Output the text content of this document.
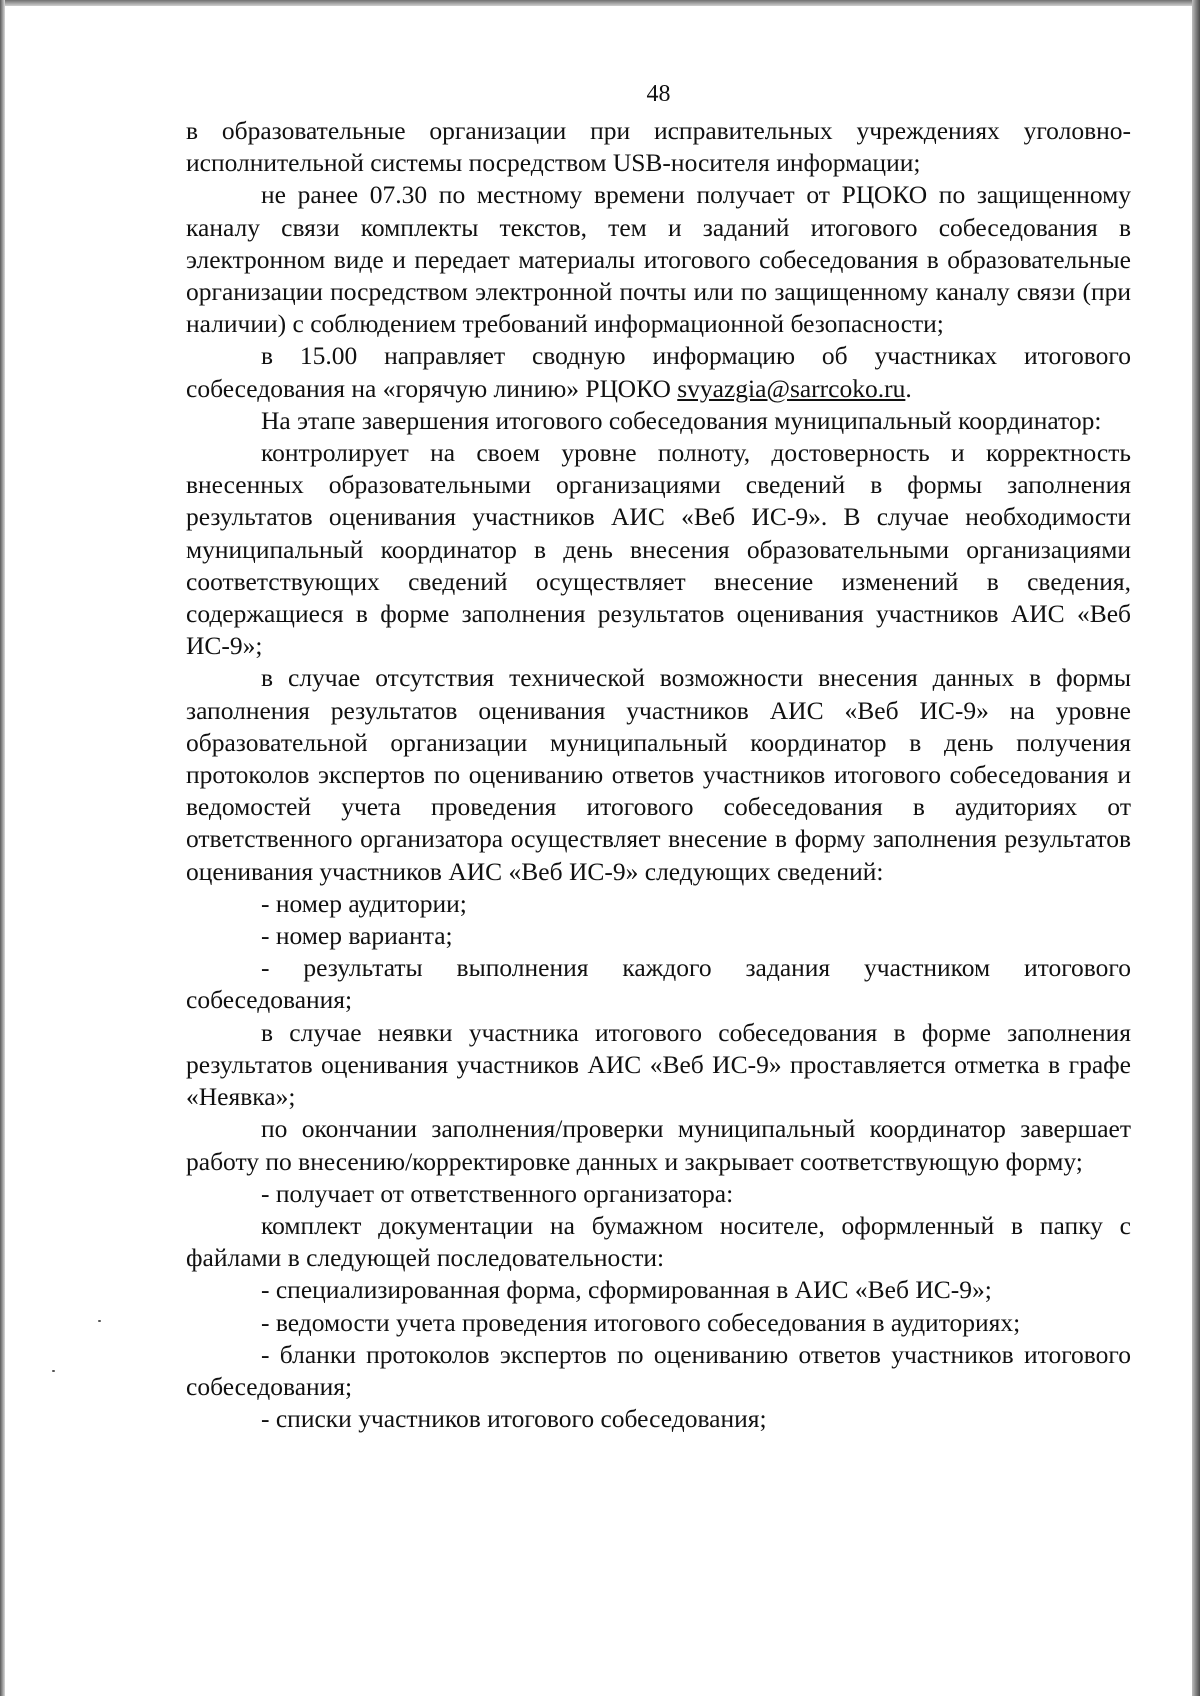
48

в образовательные организации при исправительных учреждениях уголовно-исполнительной системы посредством USB-носителя информации;

не ранее 07.30 по местному времени получает от РЦОКО по защищенному каналу связи комплекты текстов, тем и заданий итогового собеседования в электронном виде и передает материалы итогового собеседования в образовательные организации посредством электронной почты или по защищенному каналу связи (при наличии) с соблюдением требований информационной безопасности;

в 15.00 направляет сводную информацию об участниках итогового собеседования на «горячую линию» РЦОКО svyazgia@sarrcoko.ru.

На этапе завершения итогового собеседования муниципальный координатор:

контролирует на своем уровне полноту, достоверность и корректность внесенных образовательными организациями сведений в формы заполнения результатов оценивания участников АИС «Веб ИС-9». В случае необходимости муниципальный координатор в день внесения образовательными организациями соответствующих сведений осуществляет внесение изменений в сведения, содержащиеся в форме заполнения результатов оценивания участников АИС «Веб ИС-9»;

в случае отсутствия технической возможности внесения данных в формы заполнения результатов оценивания участников АИС «Веб ИС-9» на уровне образовательной организации муниципальный координатор в день получения протоколов экспертов по оцениванию ответов участников итогового собеседования и ведомостей учета проведения итогового собеседования в аудиториях от ответственного организатора осуществляет внесение в форму заполнения результатов оценивания участников АИС «Веб ИС-9» следующих сведений:

- номер аудитории;

- номер варианта;

- результаты выполнения каждого задания участником итогового собеседования;

в случае неявки участника итогового собеседования в форме заполнения результатов оценивания участников АИС «Веб ИС-9» проставляется отметка в графе «Неявка»;

по окончании заполнения/проверки муниципальный координатор завершает работу по внесению/корректировке данных и закрывает соответствующую форму;

- получает от ответственного организатора:

комплект документации на бумажном носителе, оформленный в папку с файлами в следующей последовательности:

- специализированная форма, сформированная в АИС «Веб ИС-9»;

- ведомости учета проведения итогового собеседования в аудиториях;

- бланки протоколов экспертов по оцениванию ответов участников итогового собеседования;

- списки участников итогового собеседования;
